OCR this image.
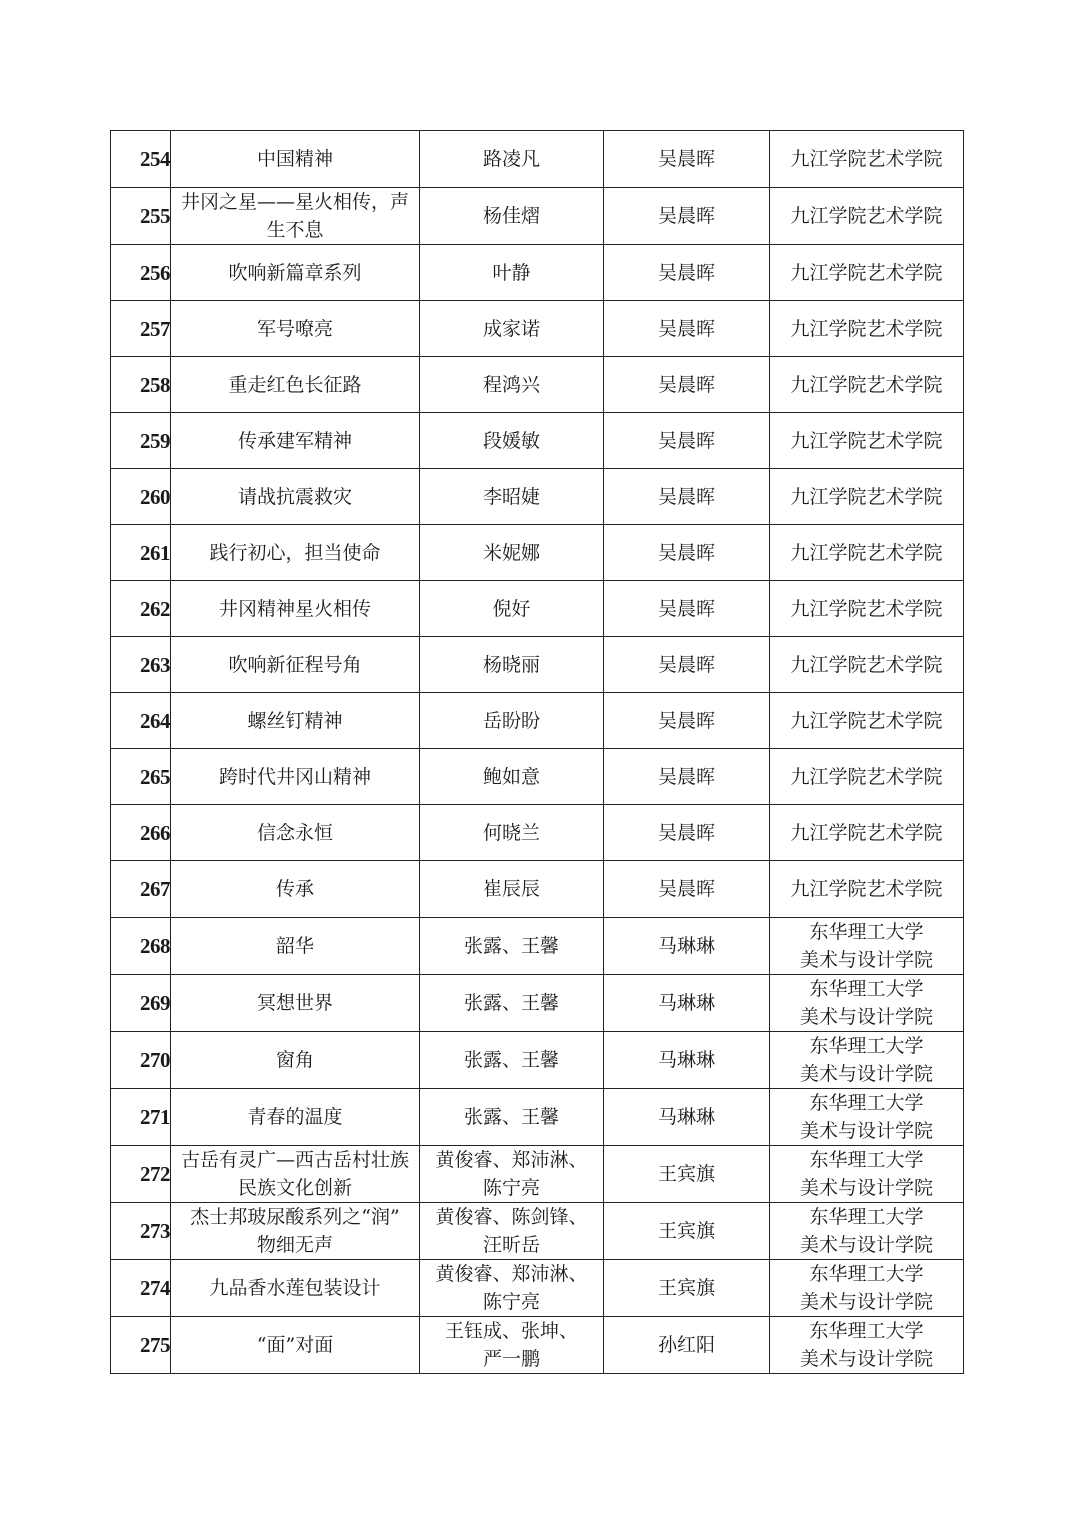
254	中国精神	路凌凡	吴晨晖	九江学院艺术学院
255	井冈之星——星火相传，声
生不息	杨佳熠	吴晨晖	九江学院艺术学院
256	吹响新篇章系列	叶静	吴晨晖	九江学院艺术学院
257	军号嘹亮	成家诺	吴晨晖	九江学院艺术学院
258	重走红色长征路	程鸿兴	吴晨晖	九江学院艺术学院
259	传承建军精神	段媛敏	吴晨晖	九江学院艺术学院
260	请战抗震救灾	李昭婕	吴晨晖	九江学院艺术学院
261	践行初心，担当使命	米妮娜	吴晨晖	九江学院艺术学院
262	井冈精神星火相传	倪好	吴晨晖	九江学院艺术学院
263	吹响新征程号角	杨晓丽	吴晨晖	九江学院艺术学院
264	螺丝钉精神	岳盼盼	吴晨晖	九江学院艺术学院
265	跨时代井冈山精神	鲍如意	吴晨晖	九江学院艺术学院
266	信念永恒	何晓兰	吴晨晖	九江学院艺术学院
267	传承	崔辰辰	吴晨晖	九江学院艺术学院
268	韶华	张露、王馨	马琳琳	东华理工大学
美术与设计学院
269	冥想世界	张露、王馨	马琳琳	东华理工大学
美术与设计学院
270	窗角	张露、王馨	马琳琳	东华理工大学
美术与设计学院
271	青春的温度	张露、王馨	马琳琳	东华理工大学
美术与设计学院
272	古岳有灵广—西古岳村壮族
民族文化创新	黄俊睿、郑沛淋、
陈宁亮	王宾旗	东华理工大学
美术与设计学院
273	杰士邦玻尿酸系列之“润”
物细无声	黄俊睿、陈剑锋、
汪昕岳	王宾旗	东华理工大学
美术与设计学院
274	九品香水莲包装设计	黄俊睿、郑沛淋、
陈宁亮	王宾旗	东华理工大学
美术与设计学院
275	“面”对面	王钰成、张坤、
严一鹏	孙红阳	东华理工大学
美术与设计学院
